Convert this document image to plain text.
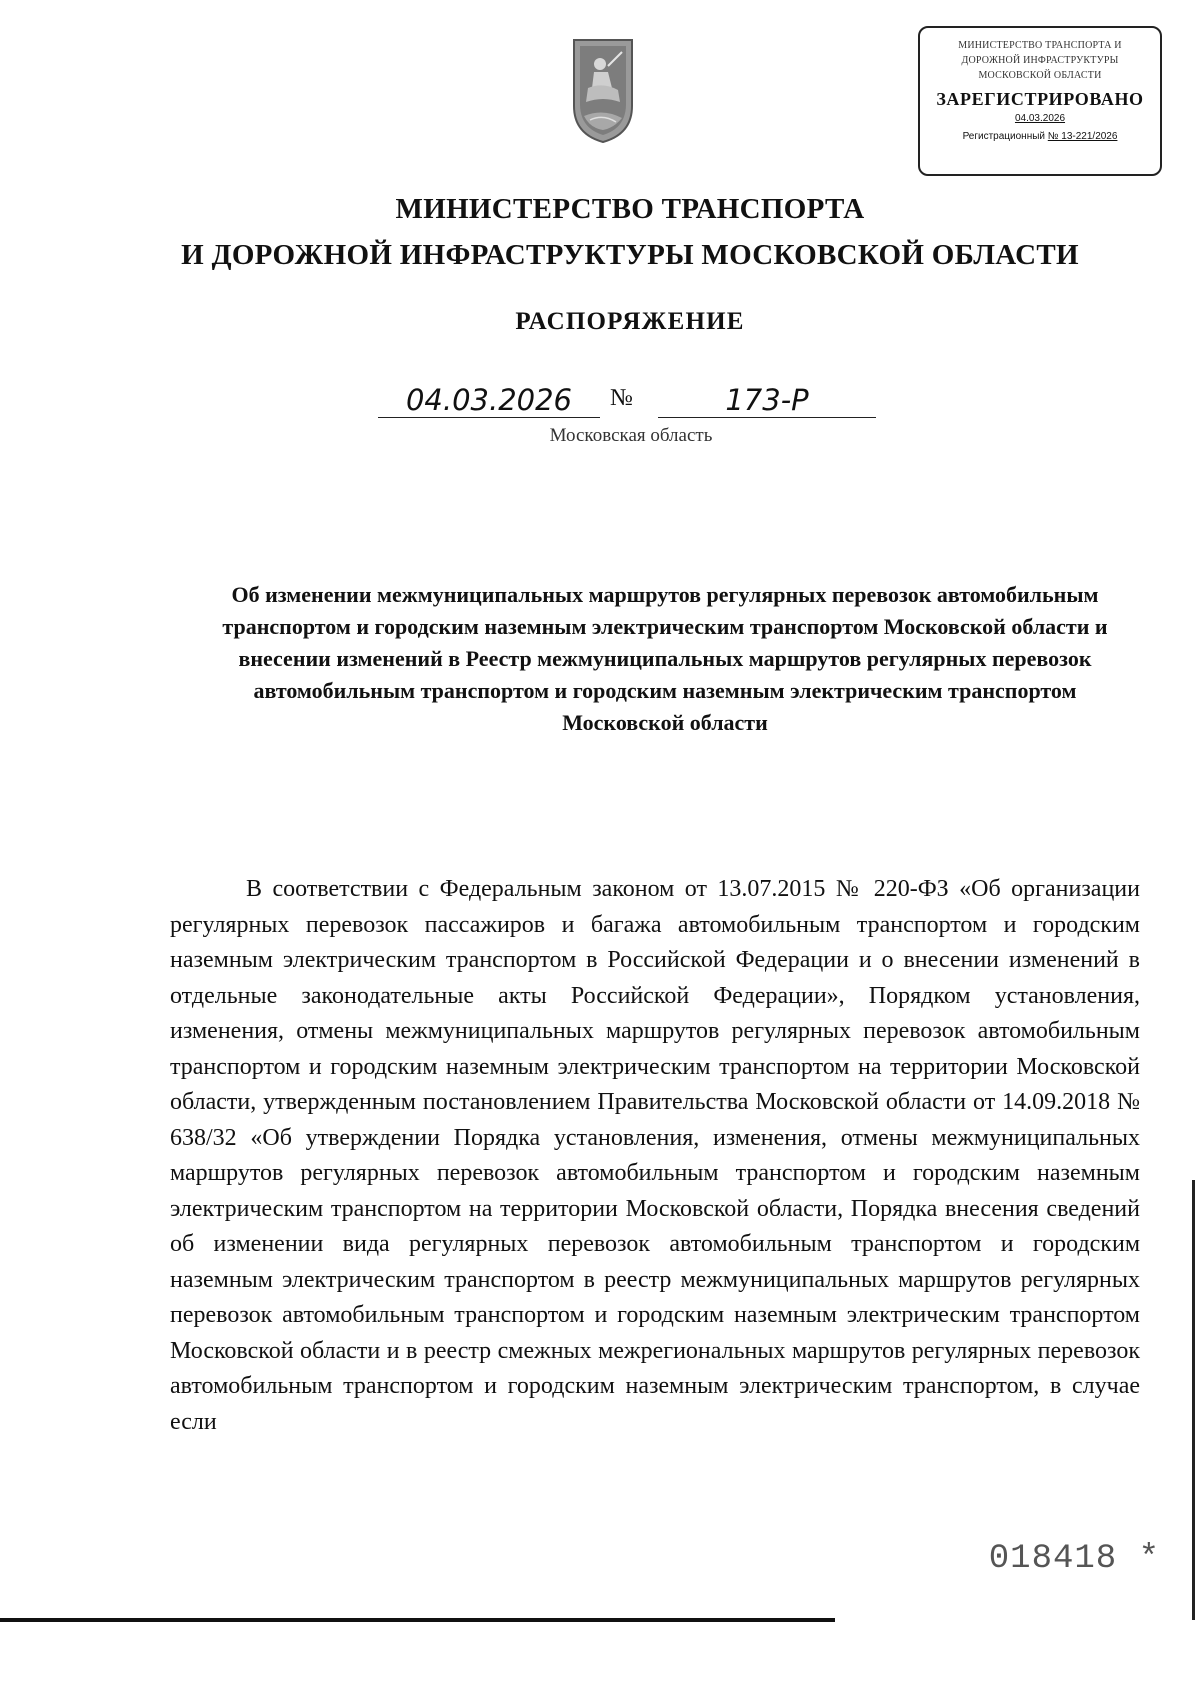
МИНИСТЕРСТВО ТРАНСПОРТА И
ДОРОЖНОЙ ИНФРАСТРУКТУРЫ
МОСКОВСКОЙ ОБЛАСТИ
ЗАРЕГИСТРИРОВАНО
04.03.2026
Регистрационный № 13-221/2026
МИНИСТЕРСТВО ТРАНСПОРТА
И ДОРОЖНОЙ ИНФРАСТРУКТУРЫ МОСКОВСКОЙ ОБЛАСТИ
РАСПОРЯЖЕНИЕ
04.03.2026	№	173-Р
Московская область
Об изменении межмуниципальных маршрутов регулярных перевозок автомобильным транспортом и городским наземным электрическим транспортом Московской области и внесении изменений в Реестр межмуниципальных маршрутов регулярных перевозок автомобильным транспортом и городским наземным электрическим транспортом Московской области
В соответствии с Федеральным законом от 13.07.2015 № 220-ФЗ «Об организации регулярных перевозок пассажиров и багажа автомобильным транспортом и городским наземным электрическим транспортом в Российской Федерации и о внесении изменений в отдельные законодательные акты Российской Федерации», Порядком установления, изменения, отмены межмуниципальных маршрутов регулярных перевозок автомобильным транспортом и городским наземным электрическим транспортом на территории Московской области, утвержденным постановлением Правительства Московской области от 14.09.2018 № 638/32 «Об утверждении Порядка установления, изменения, отмены межмуниципальных маршрутов регулярных перевозок автомобильным транспортом и городским наземным электрическим транспортом на территории Московской области, Порядка внесения сведений об изменении вида регулярных перевозок автомобильным транспортом и городским наземным электрическим транспортом в реестр межмуниципальных маршрутов регулярных перевозок автомобильным транспортом и городским наземным электрическим транспортом Московской области и в реестр смежных межрегиональных маршрутов регулярных перевозок автомобильным транспортом и городским наземным электрическим транспортом, в случае если
018418 *
